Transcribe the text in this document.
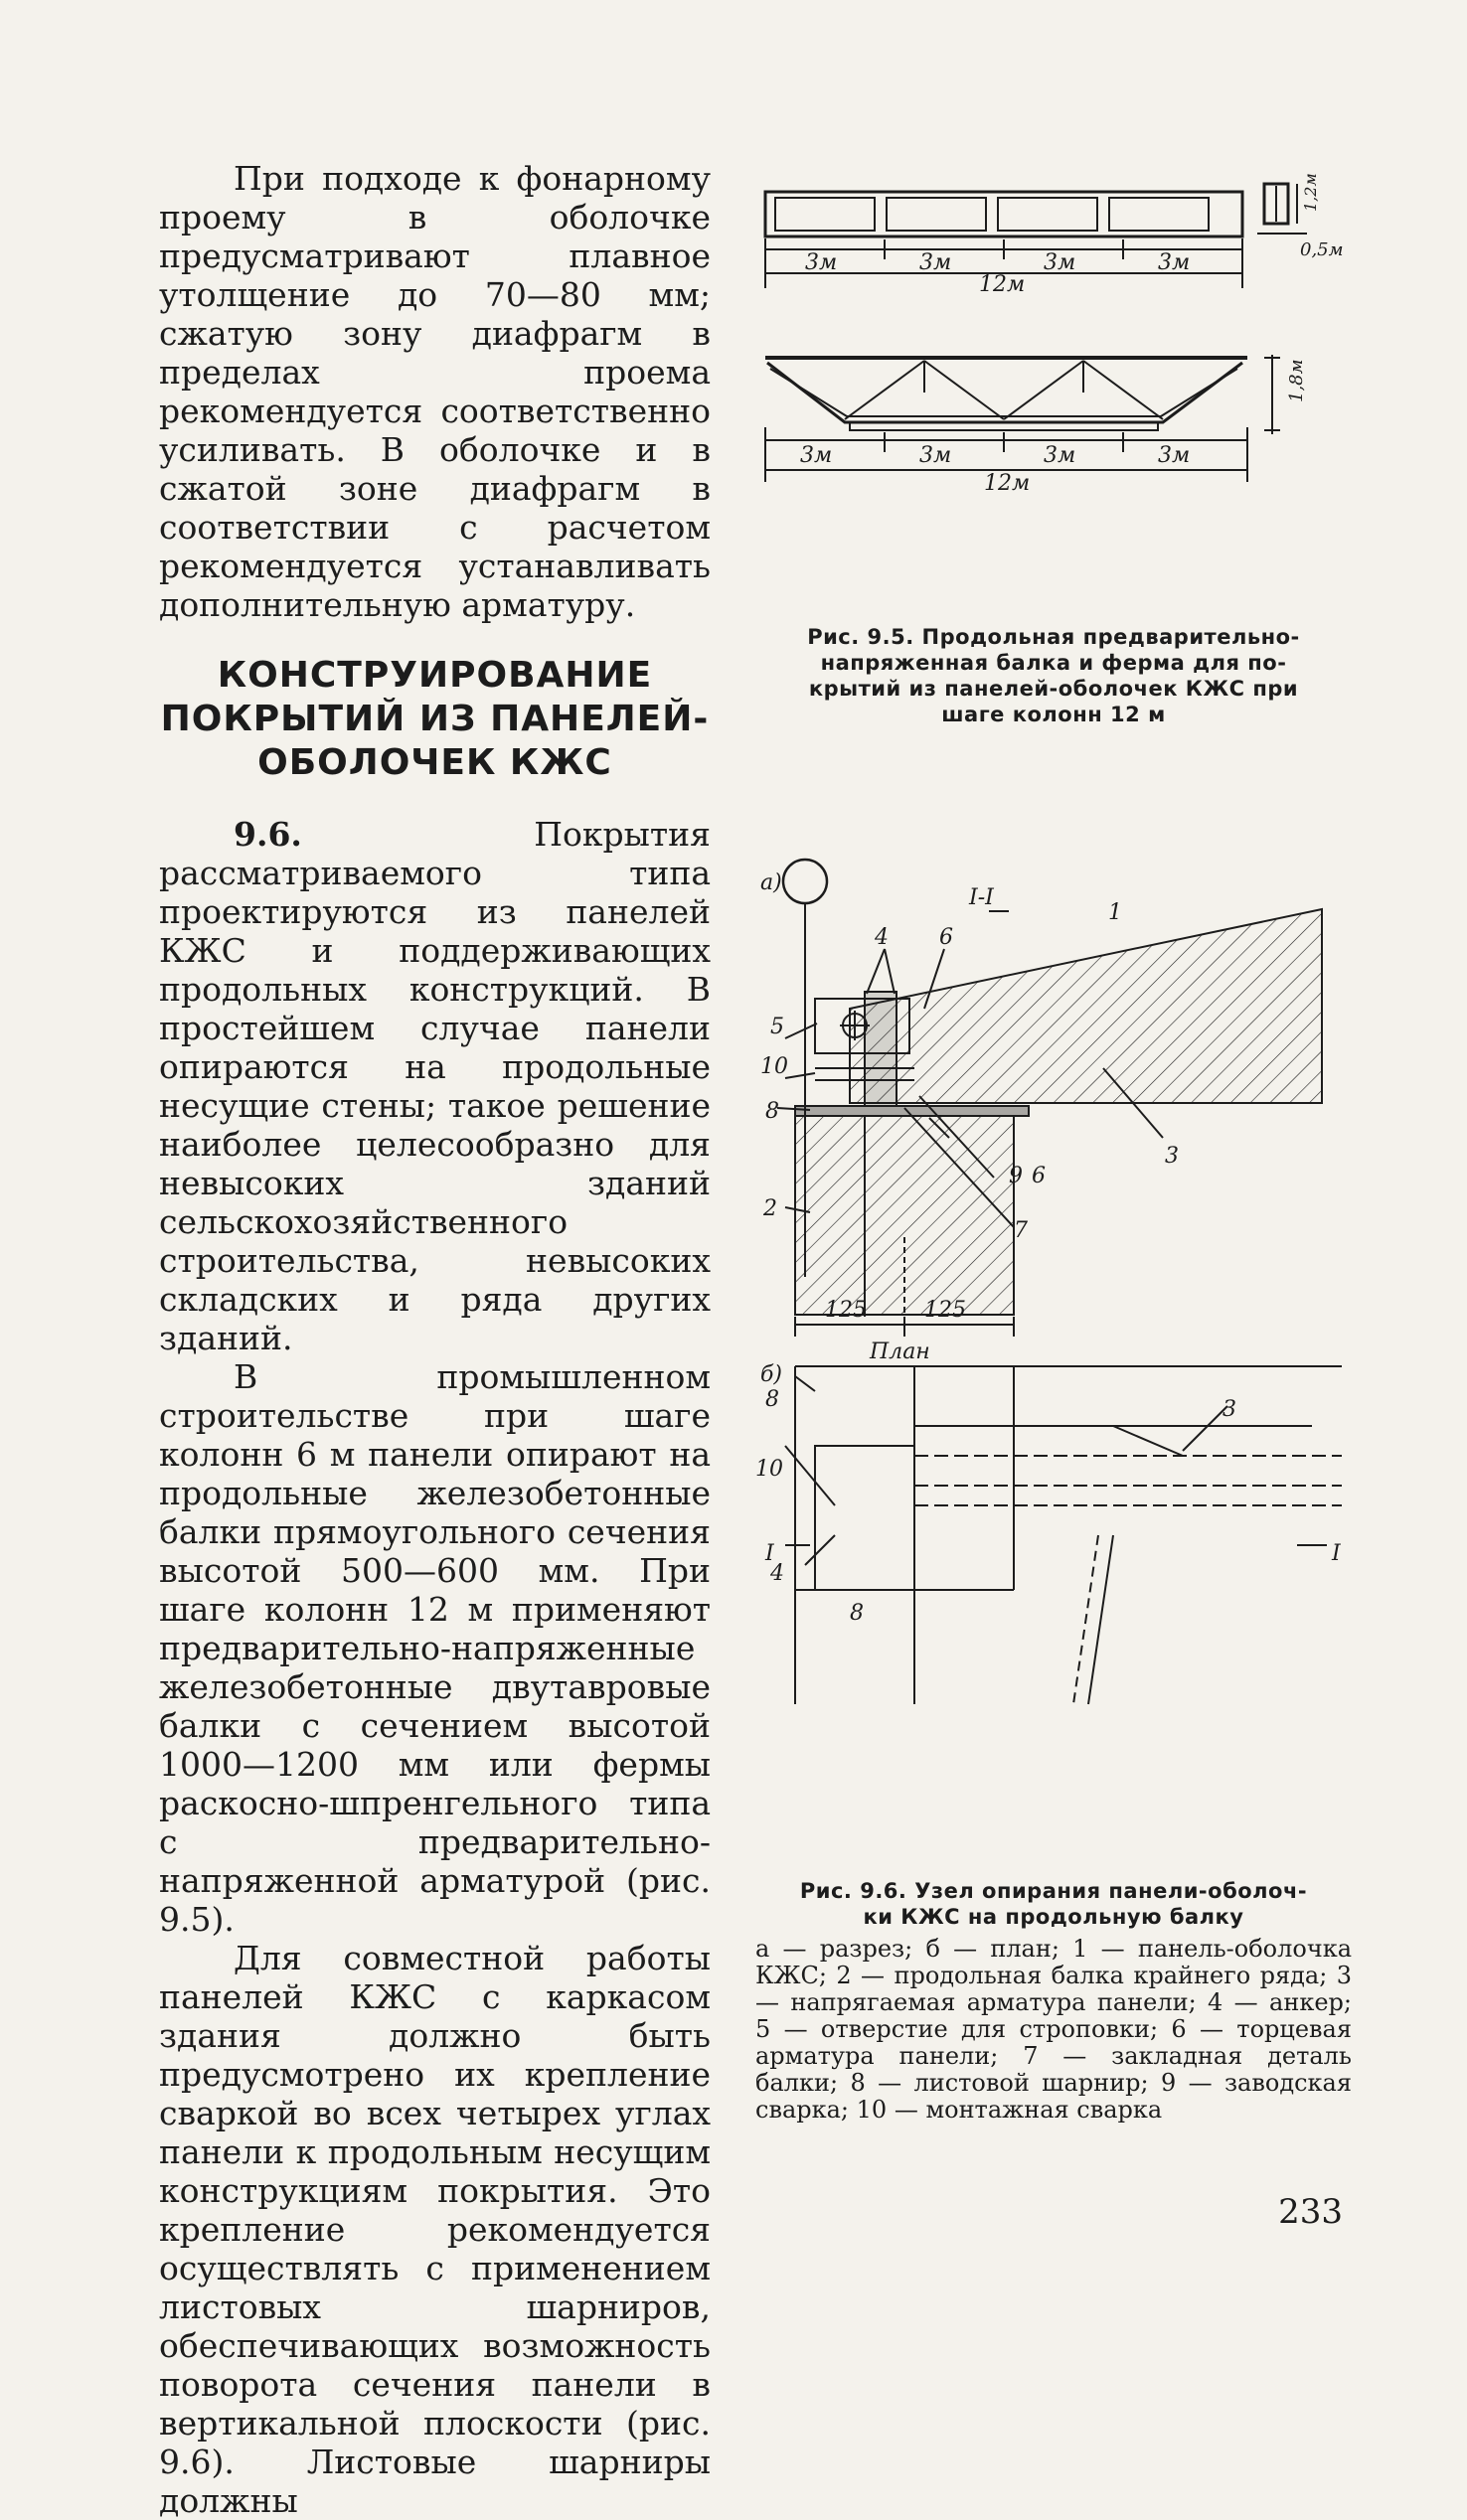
При подходе к фонарному проему в оболочке предусматривают плавное утолщение до 70—80 мм; сжатую зону диафрагм в пределах проема рекомендуется соответственно усиливать. В оболочке и в сжатой зоне диафрагм в соответствии с расчетом рекомендуется устанавливать дополнительную арматуру.

КОНСТРУИРОВАНИЕ
ПОКРЫТИЙ ИЗ ПАНЕЛЕЙ-
ОБОЛОЧЕК КЖС

9.6.	Покрытия рассматриваемого типа проектируются из панелей КЖС и поддерживающих продольных конструкций. В простейшем случае панели опираются на продольные несущие стены; такое решение наиболее целесообразно для невысоких зданий сельскохозяйственного строительства, невысоких складских и ряда других зданий.

В промышленном строительстве при шаге колонн 6 м панели опирают на продольные железобетонные балки прямоугольного сечения высотой 500—600 мм. При шаге колонн 12 м применяют предварительно-напряженные железобетонные двутавровые балки с сечением высотой 1000—1200 мм или фермы раскосно-шпренгельного типа с предварительно-напряженной арматурой (рис. 9.5).

Для совместной работы панелей КЖС с каркасом здания должно быть предусмотрено их крепление сваркой во всех четырех углах панели к продольным несущим конструкциям покрытия. Это крепление рекомендуется осуществлять с применением листовых шарниров, обеспечивающих возможность поворота сечения панели в вертикальной плоскости (рис. 9.6). Листовые шарниры должны

3м	3м	3м	3м
12м
1,2м
0,5м
1,8м
3м	3м	3м	3м
12м
Рис. 9.5. Продольная предварительно-
напряженная балка и ферма для по-
крытий из панелей-оболочек КЖС при
шаге колонн 12 м
а)
I-I
1
8
10
5
4 6
6
9
7
3
2
125	125
План
б)
8
10
3
I	I
4
8
Рис. 9.6. Узел опирания панели-оболоч-
ки КЖС на продольную балку
а — разрез; б — план; 1 — панель-оболочка КЖС; 2 — продольная балка крайнего ряда; 3 — напрягаемая арматура панели; 4 — анкер; 5 — отверстие для строповки; 6 — торцевая арматура панели; 7 — закладная деталь балки; 8 — листовой шарнир; 9 — заводская сварка; 10 — монтажная сварка
233
